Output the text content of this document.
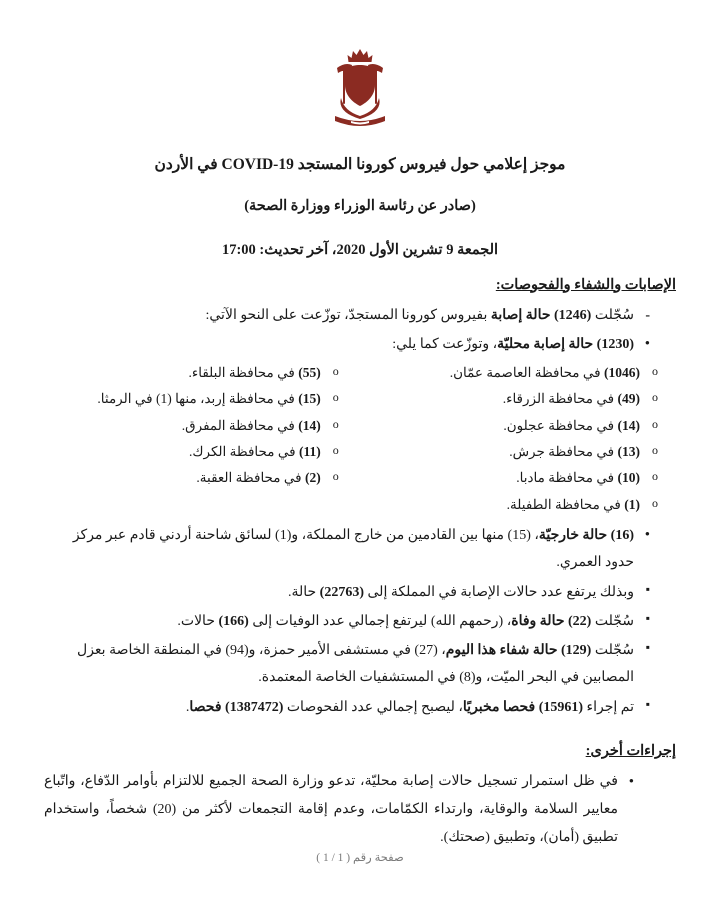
موجز إعلامي حول فيروس كورونا المستجد COVID-19 في الأردن
(صادر عن رئاسة الوزراء ووزارة الصحة)
الجمعة 9 تشرين الأول 2020، آخر تحديث: 17:00
الإصابات والشفاء والفحوصات:
- سُجّلت (1246) حالة إصابة بفيروس كورونا المستجدّ، توزّعت على النحو الآتي:
• (1230) حالة إصابة محليّة، وتوزّعت كما يلي:
o (1046) في محافظة العاصمة عمّان.
o (49) في محافظة الزرقاء.
o (14) في محافظة عجلون.
o (13) في محافظة جرش.
o (10) في محافظة مادبا.
o (1) في محافظة الطفيلة.
o (55) في محافظة البلقاء.
o (15) في محافظة إربد، منها (1) في الرمثا.
o (14) في محافظة المفرق.
o (11) في محافظة الكرك.
o (2) في محافظة العقبة.
• (16) حالة خارجيّة، (15) منها بين القادمين من خارج المملكة، و(1) لسائق شاحنة أردني قادم عبر مركز حدود العمري.
▪ وبذلك يرتفع عدد حالات الإصابة في المملكة إلى (22763) حالة.
▪ سُجّلت (22) حالة وفاة، (رحمهم الله) ليرتفع إجمالي عدد الوفيات إلى (166) حالات.
▪ سُجّلت (129) حالة شفاء هذا اليوم، (27) في مستشفى الأمير حمزة، و(94) في المنطقة الخاصة بعزل المصابين في البحر الميّت، و(8) في المستشفيات الخاصة المعتمدة.
▪ تم إجراء (15961) فحصا مخبريًا، ليصبح إجمالي عدد الفحوصات (1387472) فحصا.
إجراءات أخرى:
• في ظل استمرار تسجيل حالات إصابة محليّة، تدعو وزارة الصحة الجميع للالتزام بأوامر الدّفاع، واتّباع معايير السلامة والوقاية، وارتداء الكمّامات، وعدم إقامة التجمعات لأكثر من (20) شخصاً، واستخدام تطبيق (أمان)، وتطبيق (صحتك).
صفحة رقم ( 1 / 1 )
